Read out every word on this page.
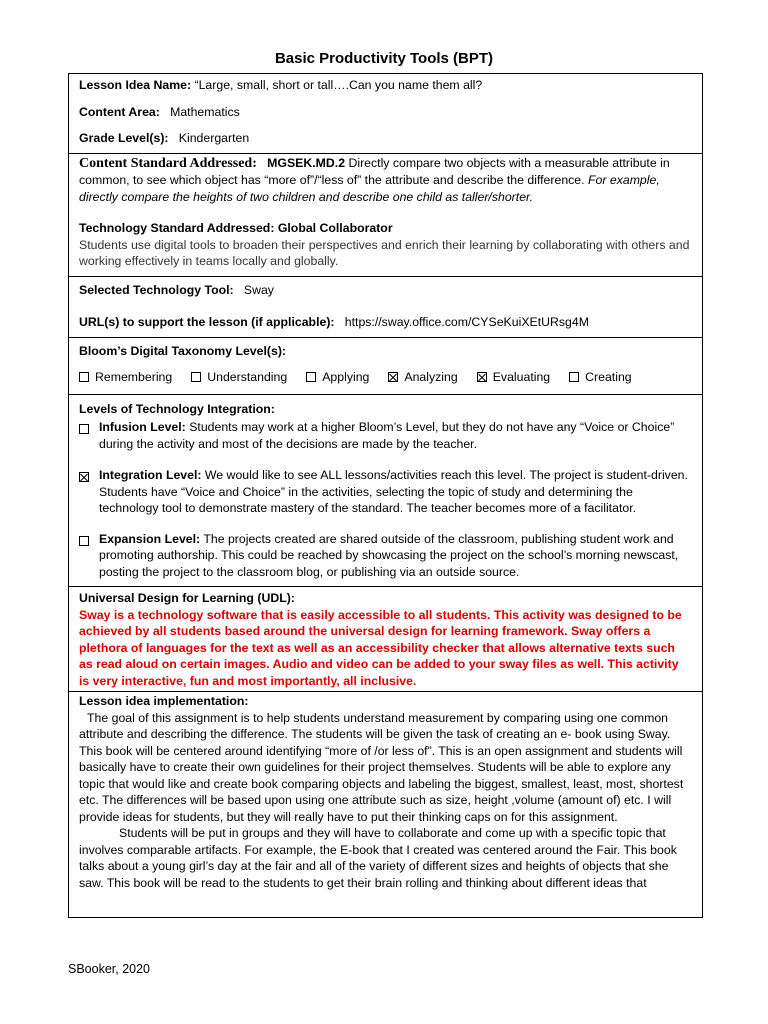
Basic Productivity Tools (BPT)

Lesson Idea Name: “Large, small, short or tall….Can you name them all?

Content Area: Mathematics

Grade Level(s): Kindergarten

Content Standard Addressed: MGSEK.MD.2 Directly compare two objects with a measurable attribute in common, to see which object has “more of”/“less of” the attribute and describe the difference. For example, directly compare the heights of two children and describe one child as taller/shorter.

Technology Standard Addressed: Global Collaborator

Students use digital tools to broaden their perspectives and enrich their learning by collaborating with others and working effectively in teams locally and globally.

Selected Technology Tool: Sway

URL(s) to support the lesson (if applicable): https://sway.office.com/CYSeKuiXEtURsg4M

Bloom’s Digital Taxonomy Level(s):

Remembering	Understanding	Applying	Analyzing	Evaluating	Creating

Levels of Technology Integration:

Infusion Level: Students may work at a higher Bloom’s Level, but they do not have any “Voice or Choice” during the activity and most of the decisions are made by the teacher.
Integration Level: We would like to see ALL lessons/activities reach this level. The project is student-driven. Students have “Voice and Choice” in the activities, selecting the topic of study and determining the technology tool to demonstrate mastery of the standard. The teacher becomes more of a facilitator.
Expansion Level: The projects created are shared outside of the classroom, publishing student work and promoting authorship. This could be reached by showcasing the project on the school’s morning newscast, posting the project to the classroom blog, or publishing via an outside source.

Universal Design for Learning (UDL):

Sway is a technology software that is easily accessible to all students. This activity was designed to be achieved by all students based around the universal design for learning framework. Sway offers a plethora of languages for the text as well as an accessibility checker that allows alternative texts such as read aloud on certain images. Audio and video can be added to your sway files as well. This activity is very interactive, fun and most importantly, all inclusive.

Lesson idea implementation:

The goal of this assignment is to help students understand measurement by comparing using one common attribute and describing the difference. The students will be given the task of creating an e- book using Sway. This book will be centered around identifying “more of /or less of”. This is an open assignment and students will basically have to create their own guidelines for their project themselves. Students will be able to explore any topic that would like and create book comparing objects and labeling the biggest, smallest, least, most, shortest etc. The differences will be based upon using one attribute such as size, height ,volume (amount of) etc. I will provide ideas for students, but they will really have to put their thinking caps on for this assignment.

Students will be put in groups and they will have to collaborate and come up with a specific topic that involves comparable artifacts. For example, the E-book that I created was centered around the Fair. This book talks about a young girl’s day at the fair and all of the variety of different sizes and heights of objects that she saw. This book will be read to the students to get their brain rolling and thinking about different ideas that

SBooker, 2020
